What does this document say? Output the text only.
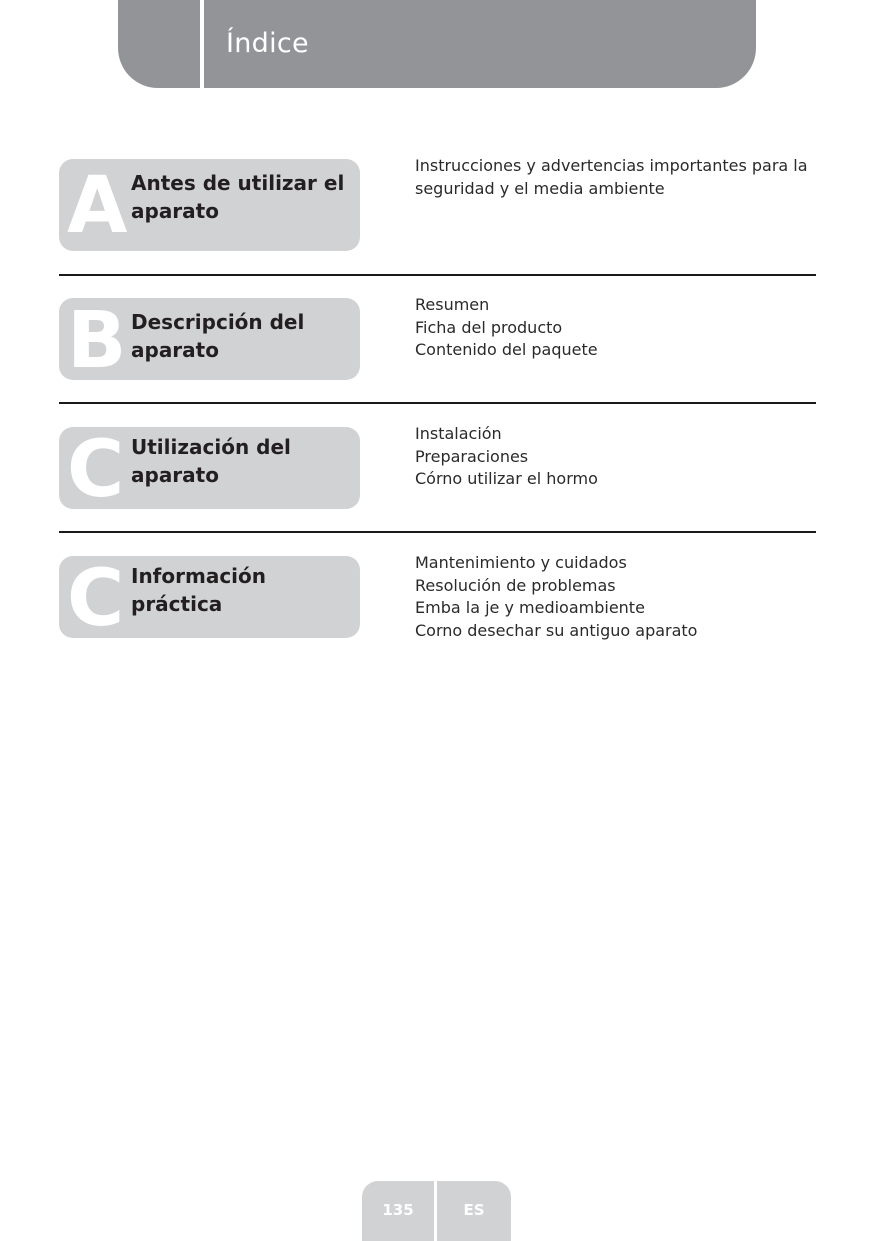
Índice
A Antes de utilizar el aparato
Instrucciones y advertencias importantes para la seguridad y el media ambiente
B Descripción del aparato
Resumen
Ficha del producto
Contenido del paquete
C Utilización del aparato
Instalación
Preparaciones
Córno utilizar el hormo
C Información práctica
Mantenimiento y cuidados
Resolución de problemas
Emba la je y medioambiente
Corno desechar su antiguo aparato
135	ES
